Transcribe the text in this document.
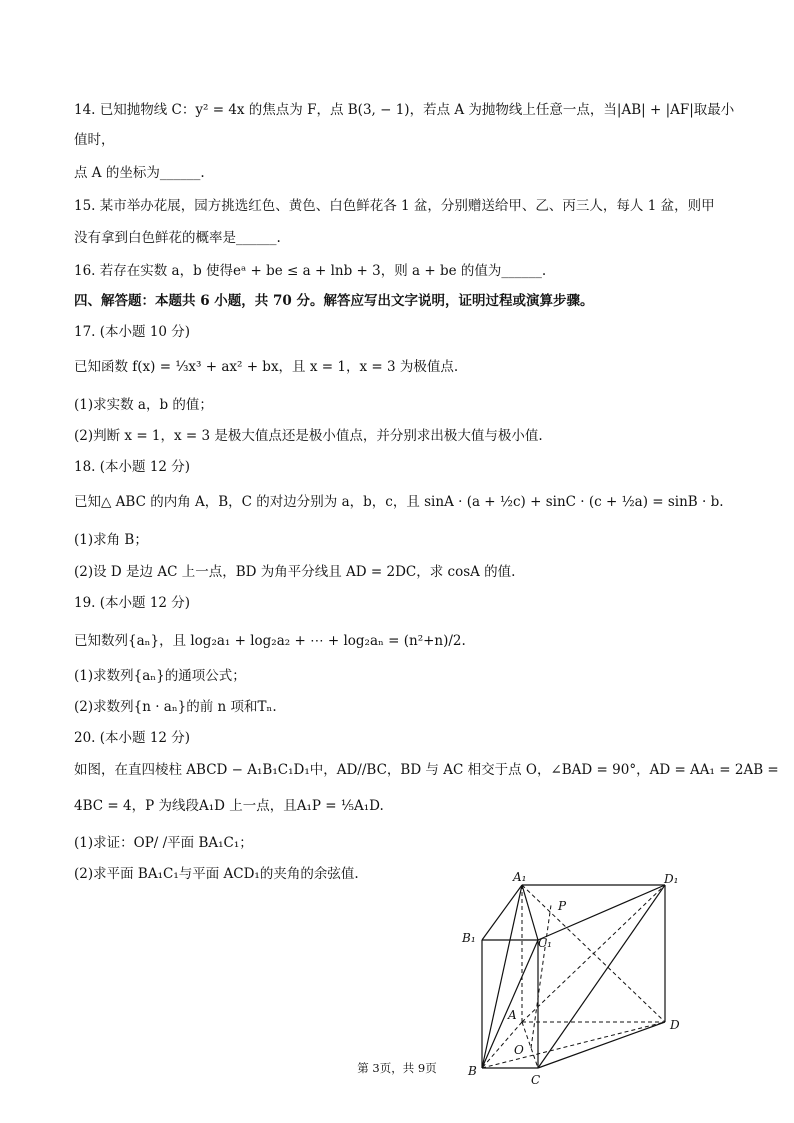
14. 已知抛物线 C：y² = 4x 的焦点为 F，点 B(3, − 1)，若点 A 为抛物线上任意一点，当|AB| + |AF|取最小
值时，
点 A 的坐标为______.
15. 某市举办花展，园方挑选红色、黄色、白色鲜花各 1 盆，分别赠送给甲、乙、丙三人，每人 1 盆，则甲
没有拿到白色鲜花的概率是______.
16. 若存在实数 a，b 使得eᵃ + be ≤ a + lnb + 3，则 a + be 的值为______.
四、解答题：本题共 6 小题，共 70 分。解答应写出文字说明，证明过程或演算步骤。
17. (本小题 10 分)
已知函数 f(x) = ⅓x³ + ax² + bx，且 x = 1，x = 3 为极值点.
(1)求实数 a，b 的值；
(2)判断 x = 1，x = 3 是极大值点还是极小值点，并分别求出极大值与极小值.
18. (本小题 12 分)
已知△ ABC 的内角 A，B，C 的对边分别为 a，b，c，且 sinA · (a + ½c) + sinC · (c + ½a) = sinB · b.
(1)求角 B；
(2)设 D 是边 AC 上一点，BD 为角平分线且 AD = 2DC，求 cosA 的值.
19. (本小题 12 分)
已知数列{aₙ}，且 log₂a₁ + log₂a₂ + ⋯ + log₂aₙ = (n²+n)/2.
(1)求数列{aₙ}的通项公式；
(2)求数列{n · aₙ}的前 n 项和Tₙ.
20. (本小题 12 分)
如图，在直四棱柱 ABCD − A₁B₁C₁D₁中，AD//BC，BD 与 AC 相交于点 O，∠BAD = 90°，AD = AA₁ = 2AB =
4BC = 4，P 为线段A₁D 上一点，且A₁P = ⅕A₁D.
(1)求证：OP/ /平面 BA₁C₁；
(2)求平面 BA₁C₁与平面 ACD₁的夹角的余弦值.	A₁	D₁
B₁	C₁
P
A
D
O
B
C
第 3页，共 9页
